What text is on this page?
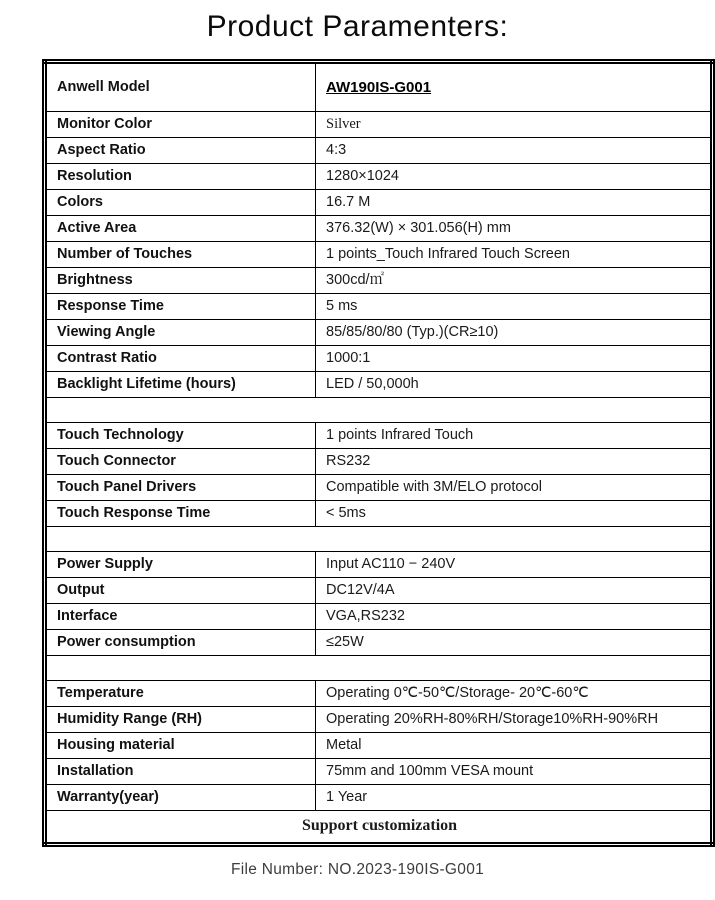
Product Paramenters:
Anwell Model	AW190IS-G001
Monitor Color	Silver
Aspect Ratio	4:3
Resolution	1280×1024
Colors	16.7 M
Active Area	376.32(W) × 301.056(H) mm
Number of Touches	1 points_Touch Infrared Touch Screen
Brightness	300cd/㎡
Response Time	5 ms
Viewing Angle	85/85/80/80 (Typ.)(CR≥10)
Contrast Ratio	1000:1
Backlight Lifetime (hours)	LED / 50,000h

Touch Technology	1 points Infrared Touch
Touch Connector	RS232
Touch Panel Drivers	Compatible with 3M/ELO protocol
Touch Response Time	< 5ms

Power Supply	Input AC110 − 240V
Output	DC12V/4A
Interface	VGA,RS232
Power consumption	≤25W

Temperature	Operating 0℃-50℃/Storage- 20℃-60℃
Humidity Range (RH)	Operating 20%RH-80%RH/Storage10%RH-90%RH
Housing material	Metal
Installation	75mm and 100mm VESA mount
Warranty(year)	1 Year
Support customization	
File Number: NO.2023-190IS-G001
